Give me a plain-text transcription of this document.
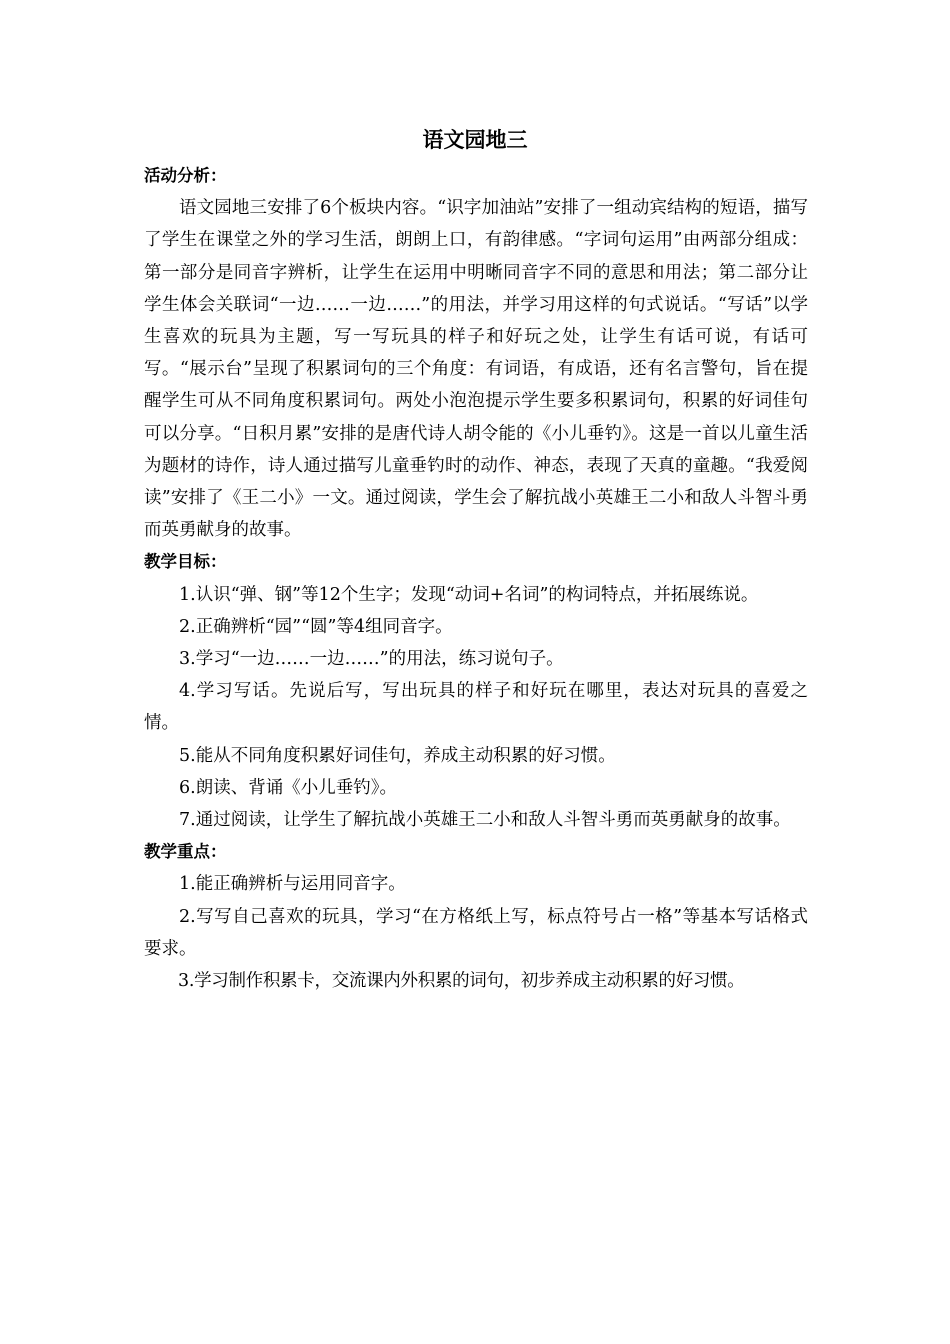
语文园地三

活动分析：

语文园地三安排了6个板块内容。“识字加油站”安排了一组动宾结构的短语，描写了学生在课堂之外的学习生活，朗朗上口，有韵律感。“字词句运用”由两部分组成：第一部分是同音字辨析，让学生在运用中明晰同音字不同的意思和用法；第二部分让学生体会关联词“一边……一边……”的用法，并学习用这样的句式说话。“写话”以学生喜欢的玩具为主题，写一写玩具的样子和好玩之处，让学生有话可说，有话可写。“展示台”呈现了积累词句的三个角度：有词语，有成语，还有名言警句，旨在提醒学生可从不同角度积累词句。两处小泡泡提示学生要多积累词句，积累的好词佳句可以分享。“日积月累”安排的是唐代诗人胡令能的《小儿垂钓》。这是一首以儿童生活为题材的诗作，诗人通过描写儿童垂钓时的动作、神态，表现了天真的童趣。“我爱阅读”安排了《王二小》一文。通过阅读，学生会了解抗战小英雄王二小和敌人斗智斗勇而英勇献身的故事。

教学目标：

1.认识“弹、钢”等12个生字；发现“动词+名词”的构词特点，并拓展练说。

2.正确辨析“园”“圆”等4组同音字。

3.学习“一边……一边……”的用法，练习说句子。

4.学习写话。先说后写，写出玩具的样子和好玩在哪里，表达对玩具的喜爱之情。

5.能从不同角度积累好词佳句，养成主动积累的好习惯。

6.朗读、背诵《小儿垂钓》。

7.通过阅读，让学生了解抗战小英雄王二小和敌人斗智斗勇而英勇献身的故事。

教学重点：

1.能正确辨析与运用同音字。

2.写写自己喜欢的玩具，学习“在方格纸上写，标点符号占一格”等基本写话格式要求。

3.学习制作积累卡，交流课内外积累的词句，初步养成主动积累的好习惯。
